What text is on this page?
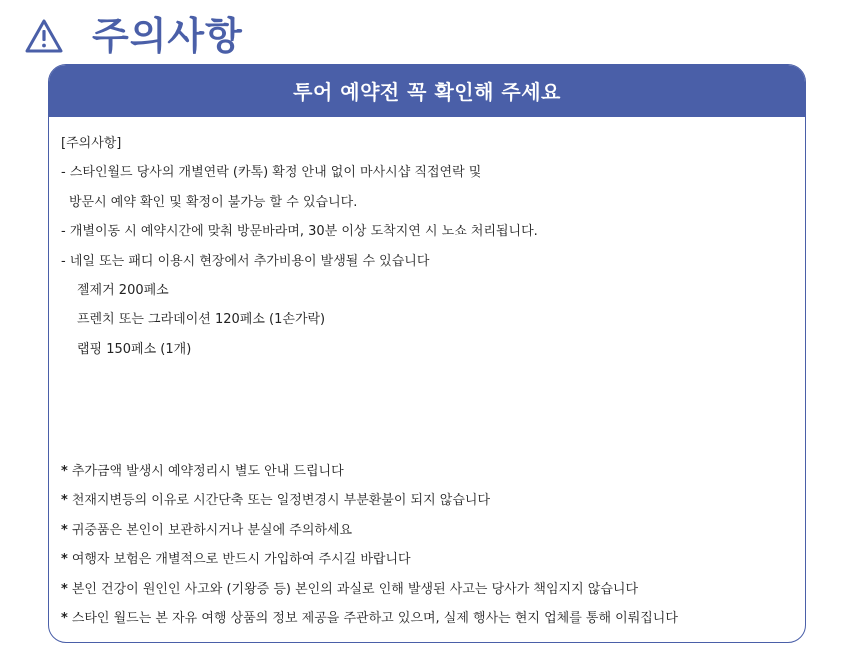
주의사항
투어 예약전 꼭 확인해 주세요
[주의사항]
- 스타인월드 당사의 개별연락 (카톡) 확정 안내 없이 마사시샵 직접연락 및
방문시 예약 확인 및 확정이 불가능 할 수 있습니다.
- 개별이동 시 예약시간에 맞춰 방문바라며, 30분 이상 도착지연 시 노쇼 처리됩니다.
- 네일 또는 패디 이용시 현장에서 추가비용이 발생될 수 있습니다
젤제거 200페소
프렌치 또는 그라데이션 120페소 (1손가락)
랩핑 150페소 (1개)
* 추가금액 발생시 예약정리시 별도 안내 드립니다
* 천재지변등의 이유로 시간단축 또는 일정변경시 부분환불이 되지 않습니다
* 귀중품은 본인이 보관하시거나 분실에 주의하세요
* 여행자 보험은 개별적으로 반드시 가입하여 주시길 바랍니다
* 본인 건강이 원인인 사고와 (기왕증 등) 본인의 과실로 인해 발생된 사고는 당사가 책임지지 않습니다
* 스타인 월드는 본 자유 여행 상품의 정보 제공을 주관하고 있으며, 실제 행사는 현지 업체를 통해 이뤄집니다
